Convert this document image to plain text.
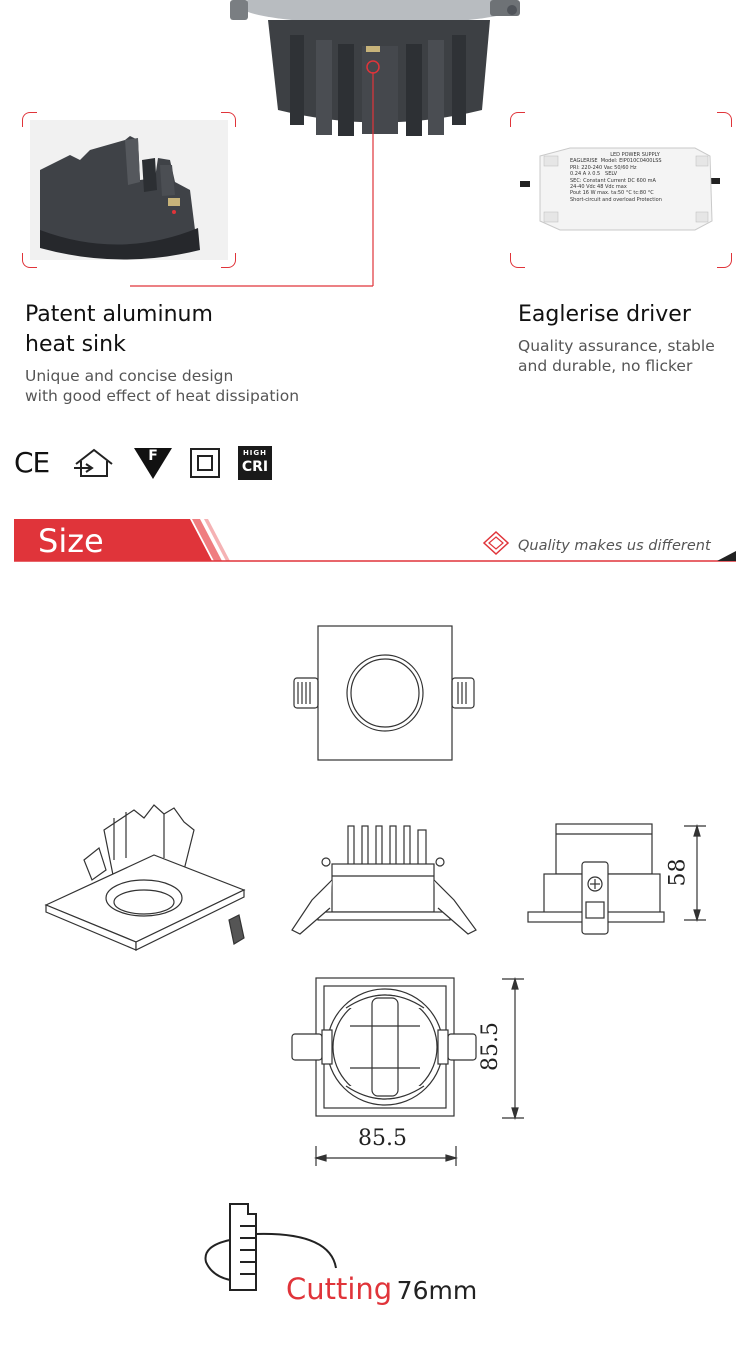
LED POWER SUPPLY
EAGLERISE Model: EIP010C0400LSS
PRI: 220-240 Vac 50/60 Hz
0.24 A λ 0.5 SELV
SEC: Constant Current DC 600 mA
24-40 Vdc 48 Vdc max
Pout 16 W max. ta:50 °C tc:80 °C
Short-circuit and overload Protection
Patent aluminum
heat sink
Unique and concise design
with good effect of heat dissipation
Eaglerise driver
Quality assurance, stable
and durable, no flicker
CE	F	HIGH
CRI
Size	Quality makes us different
58
85.5
85.5
Cutting 76mm
